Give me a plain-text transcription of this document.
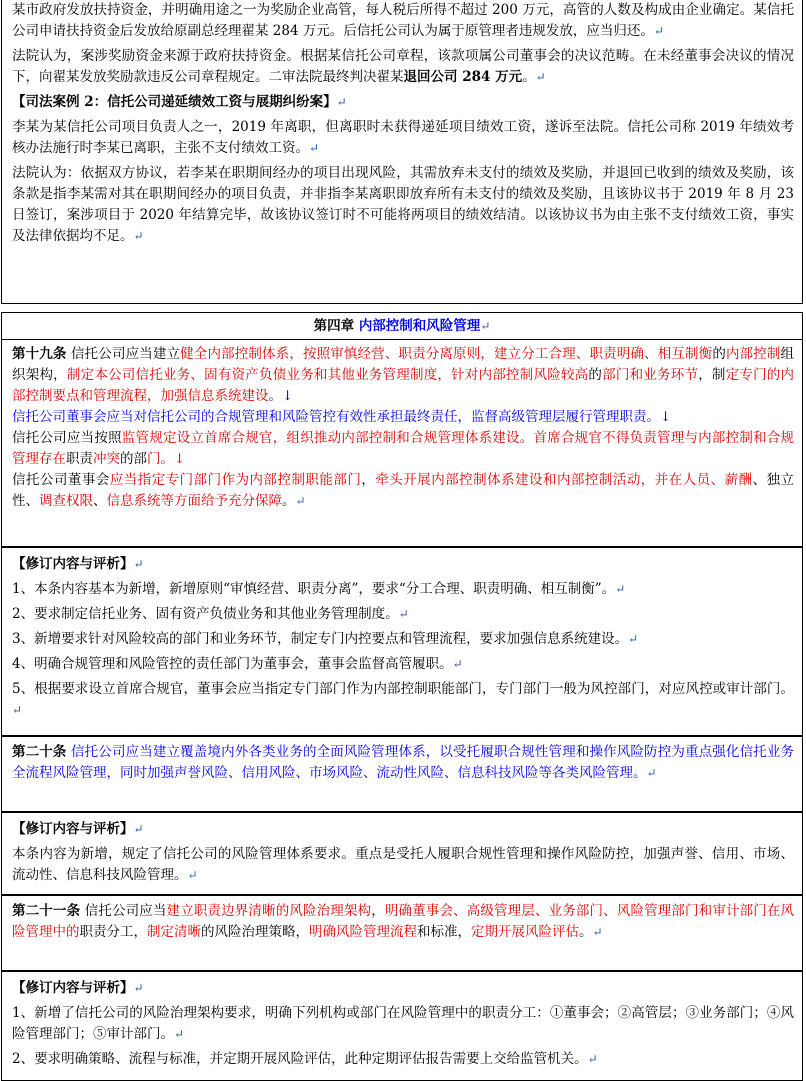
某市政府发放扶持资金，并明确用途之一为奖励企业高管，每人税后所得不超过 200 万元，高管的人数及构成由企业确定。某信托公司申请扶持资金后发放给原副总经理翟某 284 万元。后信托公司认为属于原管理者违规发放，应当归还。↵

法院认为，案涉奖励资金来源于政府扶持资金。根据某信托公司章程，该款项属公司董事会的决议范畴。在未经董事会决议的情况下，向翟某发放奖励款违反公司章程规定。二审法院最终判决翟某退回公司 284 万元。↵

【司法案例 2：信托公司递延绩效工资与展期纠纷案】↵

李某为某信托公司项目负责人之一，2019 年离职，但离职时未获得递延项目绩效工资，遂诉至法院。信托公司称 2019 年绩效考核办法施行时李某已离职，主张不支付绩效工资。↵

法院认为：依据双方协议，若李某在职期间经办的项目出现风险，其需放弃未支付的绩效及奖励，并退回已收到的绩效及奖励，该条款是指李某需对其在职期间经办的项目负责，并非指李某离职即放弃所有未支付的绩效及奖励，且该协议书于 2019 年 8 月 23 日签订，案涉项目于 2020 年结算完毕，故该协议签订时不可能将两项目的绩效结清。以该协议书为由主张不支付绩效工资，事实及法律依据均不足。↵

第四章 内部控制和风险管理↵

第十九条 信托公司应当建立健全内部控制体系，按照审慎经营、职责分离原则，建立分工合理、职责明确、相互制衡的内部控制组织架构，制定本公司信托业务、固有资产负债业务和其他业务管理制度，针对内部控制风险较高的部门和业务环节，制定专门的内部控制要点和管理流程，加强信息系统建设。↓

信托公司董事会应当对信托公司的合规管理和风险管控有效性承担最终责任，监督高级管理层履行管理职责。↓

信托公司应当按照监管规定设立首席合规官，组织推动内部控制和合规管理体系建设。首席合规官不得负责管理与内部控制和合规管理存在职责冲突的部门。↓

信托公司董事会应当指定专门部门作为内部控制职能部门，牵头开展内部控制体系建设和内部控制活动，并在人员、薪酬、独立性、调查权限、信息系统等方面给予充分保障。↵

【修订内容与评析】↵

1、本条内容基本为新增，新增原则“审慎经营、职责分离”，要求“分工合理、职责明确、相互制衡”。↵

2、要求制定信托业务、固有资产负债业务和其他业务管理制度。↵

3、新增要求针对风险较高的部门和业务环节，制定专门内控要点和管理流程，要求加强信息系统建设。↵

4、明确合规管理和风险管控的责任部门为董事会，董事会监督高管履职。↵

5、根据要求设立首席合规官，董事会应当指定专门部门作为内部控制职能部门，专门部门一般为风控部门，对应风控或审计部门。↵

第二十条 信托公司应当建立覆盖境内外各类业务的全面风险管理体系，以受托履职合规性管理和操作风险防控为重点强化信托业务全流程风险管理，同时加强声誉风险、信用风险、市场风险、流动性风险、信息科技风险等各类风险管理。↵

【修订内容与评析】↵

本条内容为新增，规定了信托公司的风险管理体系要求。重点是受托人履职合规性管理和操作风险防控，加强声誉、信用、市场、流动性、信息科技风险管理。↵

第二十一条 信托公司应当建立职责边界清晰的风险治理架构，明确董事会、高级管理层、业务部门、风险管理部门和审计部门在风险管理中的职责分工，制定清晰的风险治理策略，明确风险管理流程和标准，定期开展风险评估。↵

【修订内容与评析】↵

1、新增了信托公司的风险治理架构要求，明确下列机构或部门在风险管理中的职责分工：①董事会；②高管层；③业务部门；④风险管理部门；⑤审计部门。↵

2、要求明确策略、流程与标准，并定期开展风险评估，此种定期评估报告需要上交给监管机关。↵
